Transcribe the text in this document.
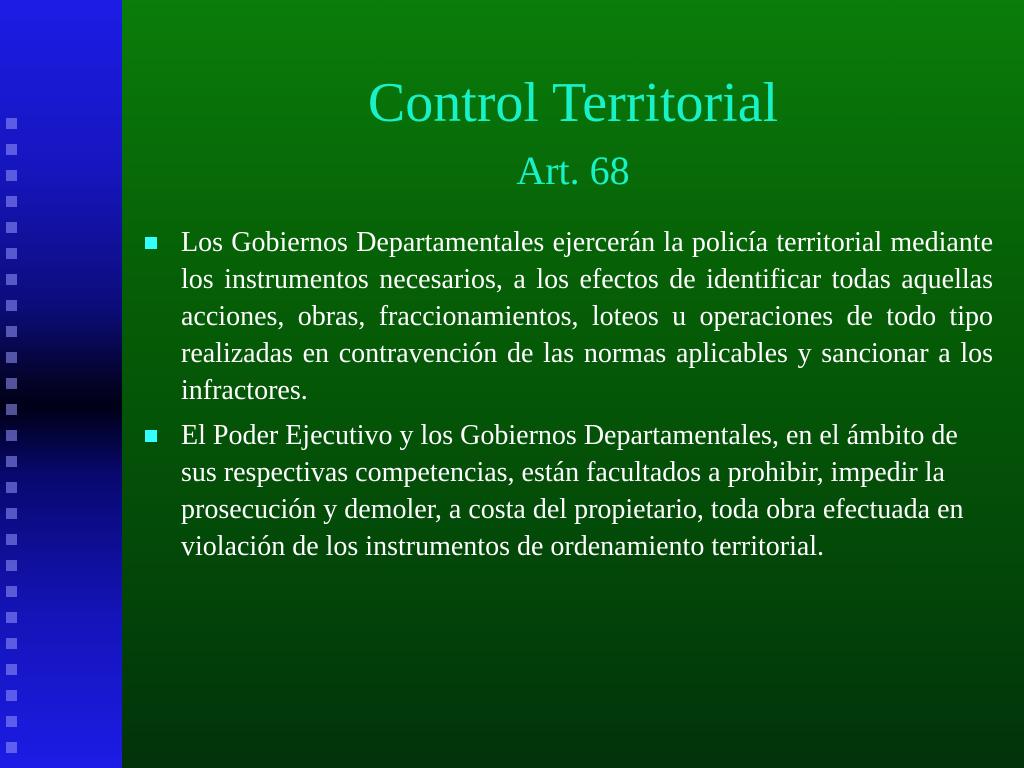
Control Territorial
Art. 68
Los Gobiernos Departamentales ejercerán la policía territorial mediante los instrumentos necesarios, a los efectos de identificar todas aquellas acciones, obras, fraccionamientos, loteos u operaciones de todo tipo realizadas en contravención de las normas aplicables y sancionar a los infractores.
El Poder Ejecutivo y los Gobiernos Departamentales, en el ámbito de sus respectivas competencias, están facultados a prohibir, impedir la prosecución y demoler, a costa del propietario, toda obra efectuada en violación de los instrumentos de ordenamiento territorial.
